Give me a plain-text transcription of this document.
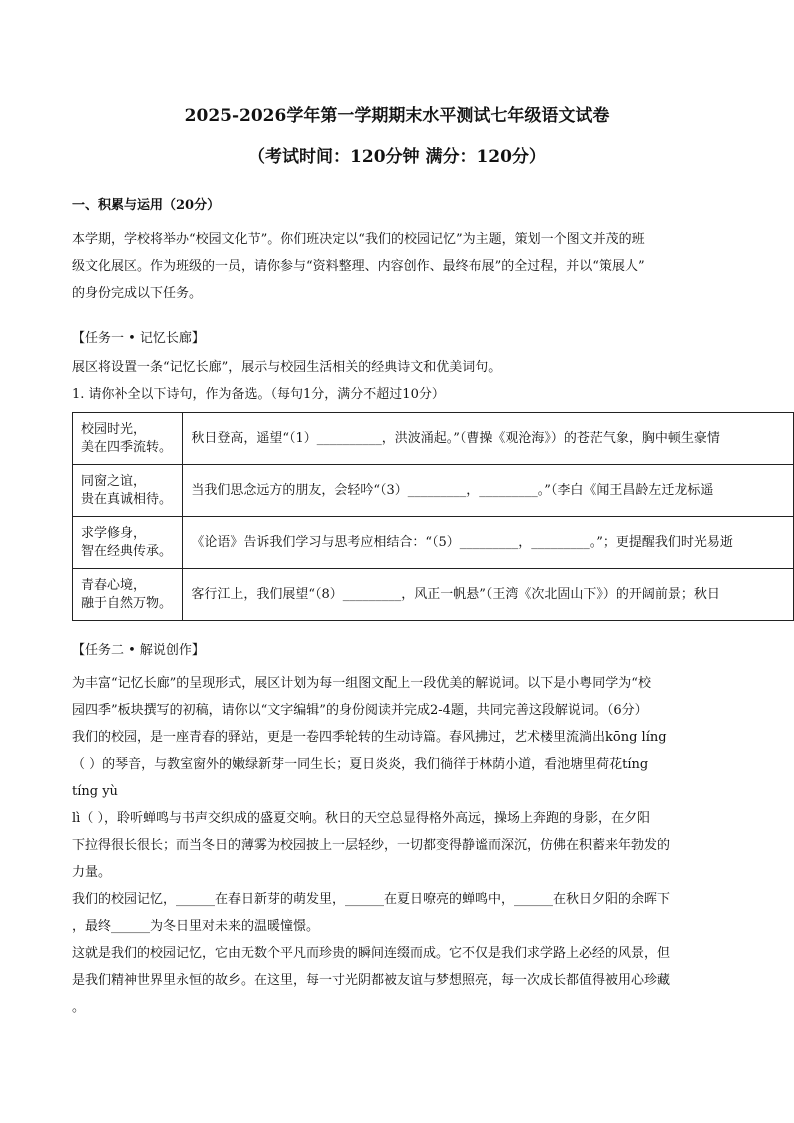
2025-2026学年第一学期期末水平测试七年级语文试卷
（考试时间：120分钟 满分：120分）
一、积累与运用（20分）
本学期，学校将举办“校园文化节”。你们班决定以“我们的校园记忆”为主题，策划一个图文并茂的班
级文化展区。作为班级的一员，请你参与“资料整理、内容创作、最终布展”的全过程，并以“策展人”
的身份完成以下任务。
【任务一 • 记忆长廊】
展区将设置一条“记忆长廊”，展示与校园生活相关的经典诗文和优美词句。
1. 请你补全以下诗句，作为备选。（每句1分，满分不超过10分）
校园时光，
美在四季流转。	秋日登高，遥望“（1）__________，洪波涌起。”（曹操《观沧海》）的苍茫气象，胸中顿生豪情

同窗之谊，
贵在真诚相待。	当我们思念远方的朋友，会轻吟“（3）_________，_________。”（李白《闻王昌龄左迁龙标遥

求学修身，
智在经典传承。	《论语》告诉我们学习与思考应相结合：“（5）_________，_________。”；更提醒我们时光易逝

青春心境，
融于自然万物。	客行江上，我们展望“（8）_________，风正一帆悬”（王湾《次北固山下》）的开阔前景；秋日
【任务二 • 解说创作】
为丰富“记忆长廊”的呈现形式，展区计划为每一组图文配上一段优美的解说词。以下是小粤同学为“校
园四季”板块撰写的初稿，请你以“文字编辑”的身份阅读并完成2-4题，共同完善这段解说词。（6分）
我们的校园，是一座青春的驿站，更是一卷四季轮转的生动诗篇。春风拂过，艺术楼里流淌出kōng líng
（ ）的琴音，与教室窗外的嫩绿新芽一同生长；夏日炎炎，我们徜徉于林荫小道，看池塘里荷花tíng
tíng yù
lì（ ），聆听蝉鸣与书声交织成的盛夏交响。秋日的天空总显得格外高远，操场上奔跑的身影，在夕阳
下拉得很长很长；而当冬日的薄雾为校园披上一层轻纱，一切都变得静谧而深沉，仿佛在积蓄来年勃发的
力量。
我们的校园记忆，______在春日新芽的萌发里，______在夏日嘹亮的蝉鸣中，______在秋日夕阳的余晖下
，最终______为冬日里对未来的温暖憧憬。
这就是我们的校园记忆，它由无数个平凡而珍贵的瞬间连缀而成。它不仅是我们求学路上必经的风景，但
是我们精神世界里永恒的故乡。在这里，每一寸光阴都被友谊与梦想照亮，每一次成长都值得被用心珍藏
。
